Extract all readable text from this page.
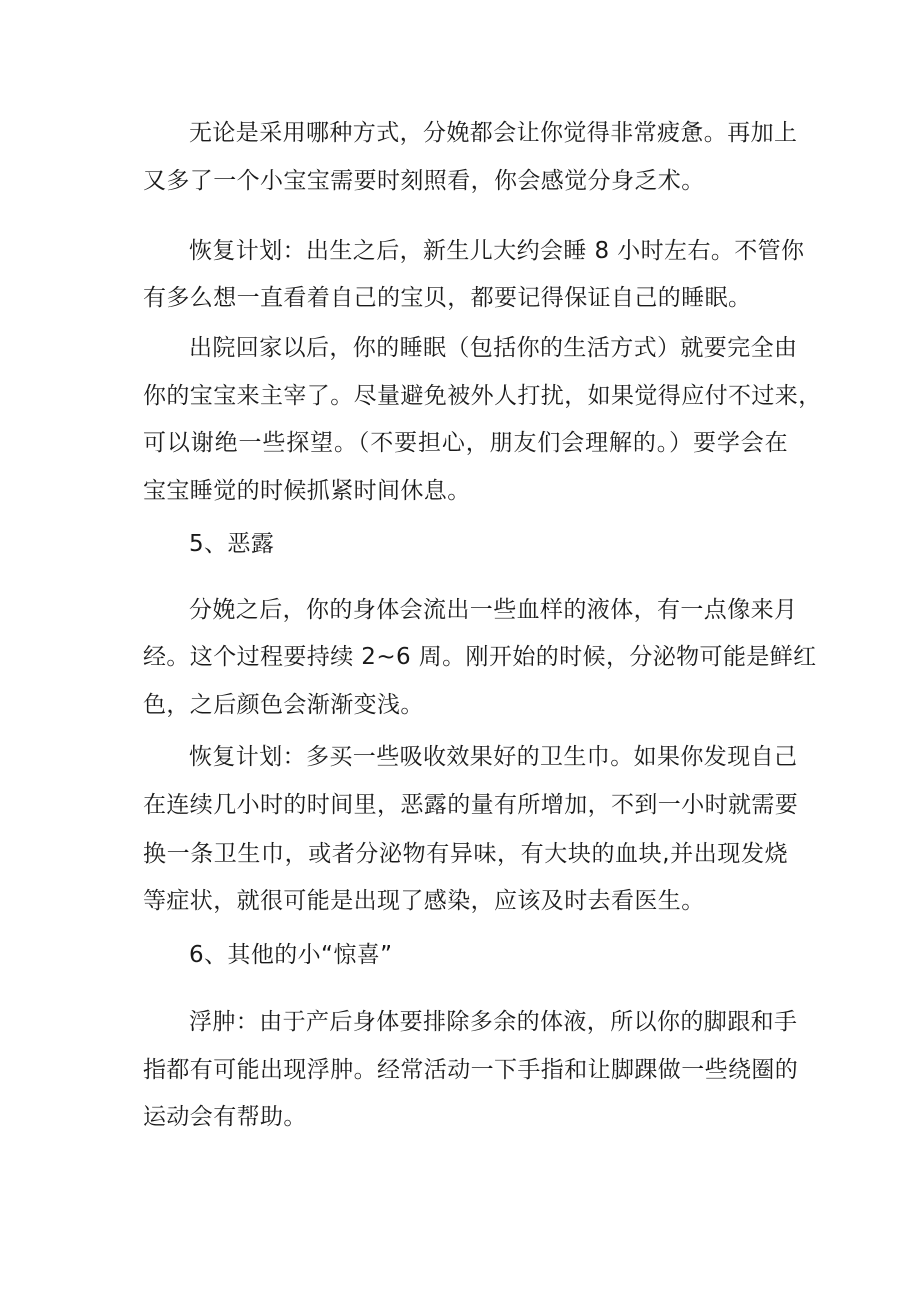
无论是采用哪种方式，分娩都会让你觉得非常疲惫。再加上
又多了一个小宝宝需要时刻照看，你会感觉分身乏术。
恢复计划：出生之后，新生儿大约会睡 8 小时左右。不管你
有多么想一直看着自己的宝贝，都要记得保证自己的睡眠。
出院回家以后，你的睡眠（包括你的生活方式）就要完全由
你的宝宝来主宰了。尽量避免被外人打扰，如果觉得应付不过来，
可以谢绝一些探望。（不要担心，朋友们会理解的。）要学会在
宝宝睡觉的时候抓紧时间休息。
5、恶露
分娩之后，你的身体会流出一些血样的液体，有一点像来月
经。这个过程要持续 2~6 周。刚开始的时候，分泌物可能是鲜红
色，之后颜色会渐渐变浅。
恢复计划：多买一些吸收效果好的卫生巾。如果你发现自己
在连续几小时的时间里，恶露的量有所增加，不到一小时就需要
换一条卫生巾，或者分泌物有异味，有大块的血块,并出现发烧
等症状，就很可能是出现了感染，应该及时去看医生。
6、其他的小“惊喜”
浮肿：由于产后身体要排除多余的体液，所以你的脚跟和手
指都有可能出现浮肿。经常活动一下手指和让脚踝做一些绕圈的
运动会有帮助。
